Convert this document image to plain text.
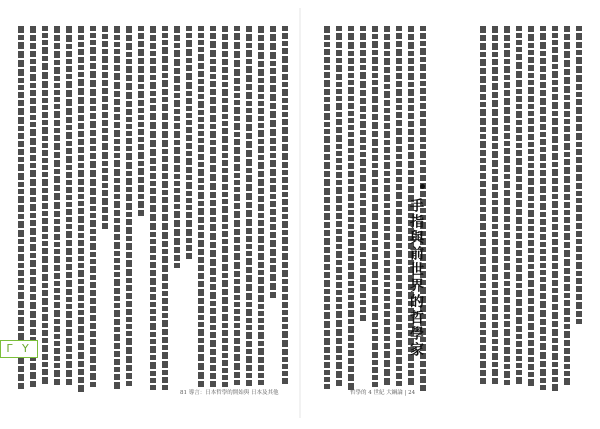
手指與前世界的哲學家
81 導言：日本哲學的開始與 日本及其他	哲學的 4 世紀 大綱論 | 24
Γ Y
